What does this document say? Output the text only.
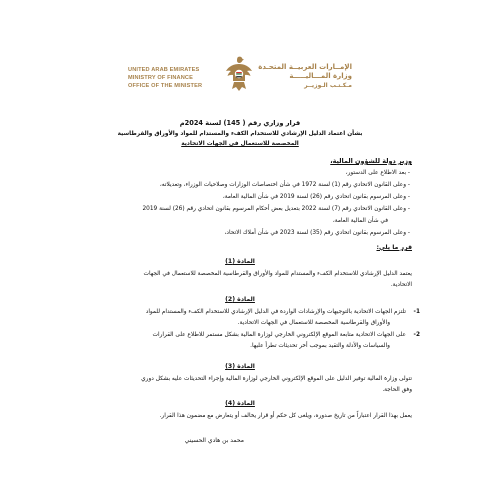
UNITED ARAB EMIRATES
MINISTRY OF FINANCE
OFFICE OF THE MINISTER
الإمــارات العربيــة المتحـدة
وزارة المـــاليـــــة
مـكـتـب الـوزيــر
قرار وزاري رقم ( 145) لسنة 2024م
بشأن اعتماد الدليل الإرشادي للاستخدام الكفء والمستدام للمواد والأوراق والقرطاسية
المخصصة للاستعمال في الجهات الاتحادية
وزير دولة للشؤون المالية،
- بعد الاطلاع على الدستور،
- وعلى القانون الاتحادي رقم (1) لسنة 1972 في شأن اختصاصات الوزارات وصلاحيات الوزراء، وتعديلاته،
- وعلى المرسوم بقانون اتحادي رقم (26) لسنة 2019 في شأن المالية العامة،
- وعلى القانون الاتحادي رقم (7) لسنة 2022 بتعديل بعض أحكام المرسوم بقانون اتحادي رقم (26) لسنة 2019
في شأن المالية العامة،
- وعلى المرسوم بقانون اتحادي رقم (35) لسنة 2023 في شأن أملاك الاتحاد،
قرر ما يلي:
المادة (1)
يعتمد الدليل الإرشادي للاستخدام الكفء والمستدام للمواد والأوراق والقرطاسية المخصصة للاستعمال في الجهات
الاتحادية.
المادة (2)
1-
تلتزم الجهات الاتحادية بالتوجيهات والإرشادات الواردة في الدليل الإرشادي للاستخدام الكفء والمستدام للمواد
والأوراق والقرطاسية المخصصة للاستعمال في الجهات الاتحادية.
2-
على الجهات الاتحادية متابعة الموقع الإلكتروني الخارجي لوزارة المالية بشكل مستمر للاطلاع على القرارات
والسياسات والأدلة والتقيد بموجب أخر تحديثات تطرأ عليها.
المادة (3)
تتولى وزارة المالية توفير الدليل على الموقع الإلكتروني الخارجي لوزارة المالية وإجراء التحديثات عليه بشكل دوري
وفق الحاجة.
المادة (4)
يعمل بهذا القرار اعتباراً من تاريخ صدوره، ويلغى كل حكم أو قرار يخالف أو يتعارض مع مضمون هذا القرار.
محمد بن هادي الحسيني
